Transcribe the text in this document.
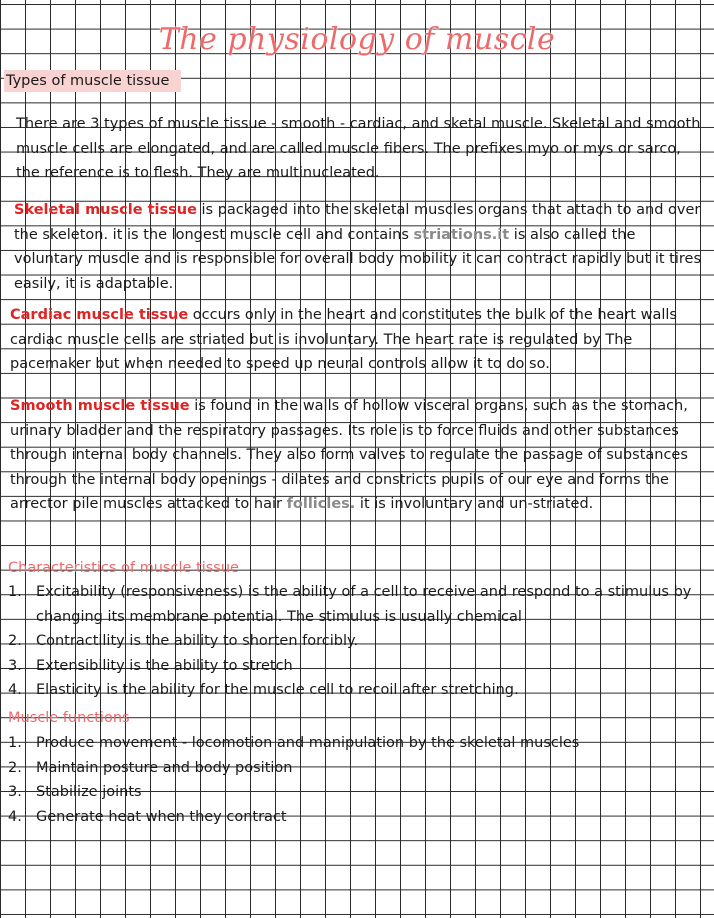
The physiology of muscle
Types of muscle tissue

There are 3 types of muscle tissue - smooth - cardiac, and sketal muscle. Skeletal and smooth muscle cells are elongated, and are called muscle fibers. The prefixes myo or mys or sarco, the reference is to flesh. They are multinucleated.

Skeletal muscle tissue is packaged into the skeletal muscles organs that attach to and over the skeleton. it is the longest muscle cell and contains striations.it is also called the voluntary muscle and is responsible for overall body mobility it can contract rapidly but it tires easily, it is adaptable.

Cardiac muscle tissue occurs only in the heart and constitutes the bulk of the heart walls cardiac muscle cells are striated but is involuntary. The heart rate is regulated by The pacemaker but when needed to speed up neural controls allow it to do so.

Smooth muscle tissue is found in the walls of hollow visceral organs, such as the stomach, urinary bladder and the respiratory passages. Its role is to force fluids and other substances through internal body channels. They also form valves to regulate the passage of substances through the internal body openings - dilates and constricts pupils of our eye and forms the arrector pile muscles attacked to hair follicles. it is involuntary and un-striated.

Characteristics of muscle tissue
1. Excitability (responsiveness) is the ability of a cell to receive and respond to a stimulus by changing its membrane potential. The stimulus is usually chemical
2. Contractility is the ability to shorten forcibly.
3. Extensibility is the ability to stretch
4. Elasticity is the ability for the muscle cell to recoil after stretching.
Muscle functions
1. Produce movement - locomotion and manipulation by the skeletal muscles
2. Maintain posture and body position
3. Stabilize joints
4. Generate heat when they contract
